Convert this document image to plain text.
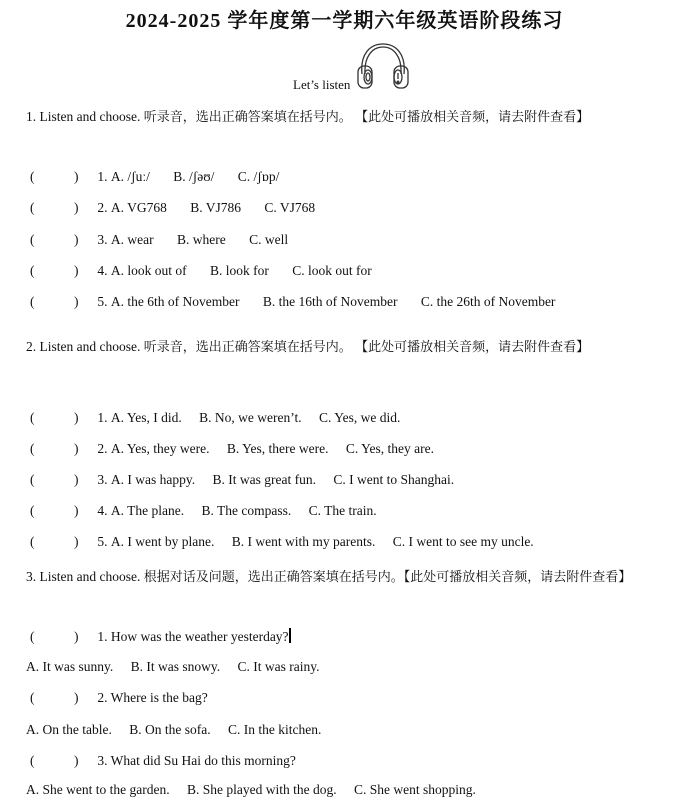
2024-2025 学年度第一学期六年级英语阶段练习
Let’s listen
1. Listen and choose. 听录音，选出正确答案填在括号内。 【此处可播放相关音频，请去附件查看】
(	) 1. A. /ʃuː/ B. /ʃəʊ/ C. /ʃɒp/
(	) 2. A. VG768 B. VJ786 C. VJ768
(	) 3. A. wear B. where C. well
(	) 4. A. look out of B. look for C. look out for
(	) 5. A. the 6th of November B. the 16th of November C. the 26th of November
2. Listen and choose. 听录音，选出正确答案填在括号内。 【此处可播放相关音频，请去附件查看】
(	) 1. A. Yes, I did. B. No, we weren’t. C. Yes, we did.
(	) 2. A. Yes, they were. B. Yes, there were. C. Yes, they are.
(	) 3. A. I was happy. B. It was great fun. C. I went to Shanghai.
(	) 4. A. The plane. B. The compass. C. The train.
(	) 5. A. I went by plane. B. I went with my parents. C. I went to see my uncle.
3. Listen and choose. 根据对话及问题，选出正确答案填在括号内。【此处可播放相关音频，请去附件查看】
(	) 1. How was the weather yesterday?
A. It was sunny. B. It was snowy. C. It was rainy.
(	) 2. Where is the bag?
A. On the table. B. On the sofa. C. In the kitchen.
(	) 3. What did Su Hai do this morning?
A. She went to the garden. B. She played with the dog. C. She went shopping.
